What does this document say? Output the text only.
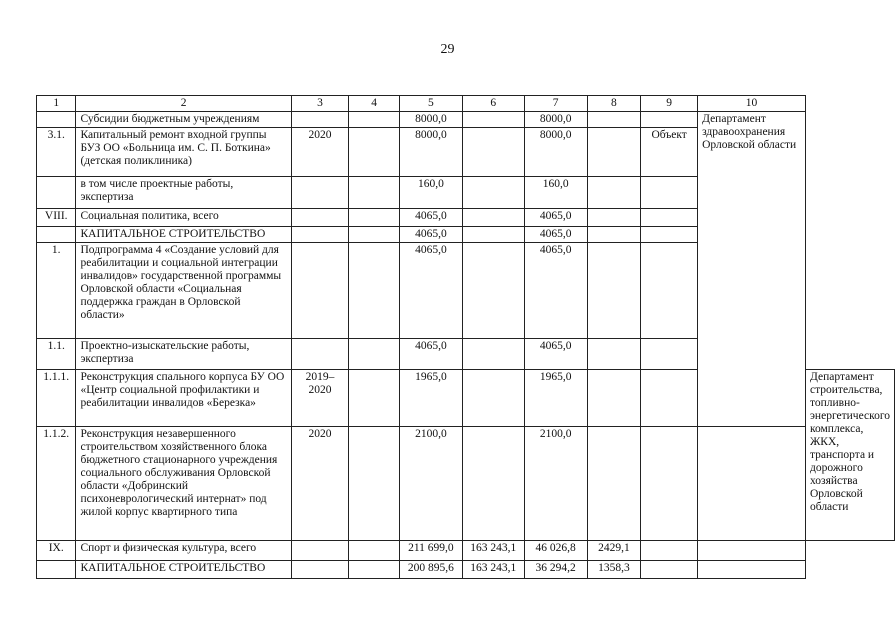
29
1	2	3	4	5	6	7	8	9	10	
	Субсидии бюджетным учреждениям			8000,0		8000,0			Департамент здравоохранения Орловской области	
3.1.	Капитальный ремонт входной группы БУЗ ОО «Больница им. С. П. Боткина» (детская поликлиника)	2020		8000,0		8000,0		Объект		
	в том числе проектные работы, экспертиза			160,0		160,0				
VIII.	Социальная политика, всего			4065,0		4065,0				
	КАПИТАЛЬНОЕ СТРОИТЕЛЬСТВО			4065,0		4065,0				
1.	Подпрограмма 4 «Создание условий для реабилитации и социальной интеграции инвалидов» государственной программы Орловской области «Социальная поддержка граждан в Орловской области»			4065,0		4065,0				
1.1.	Проектно-изыскательские работы, экспертиза			4065,0		4065,0				
1.1.1.	Реконструкция спального корпуса БУ ОО «Центр социальной профилактики и реабилитации инвалидов «Березка»	2019–2020		1965,0		1965,0				Департамент строительства, топливно-энергетического комплекса, ЖКХ, транспорта и дорожного хозяйства Орловской области
1.1.2.	Реконструкция незавершенного строительством хозяйственного блока бюджетного стационарного учреждения социального обслуживания Орловской области «Добринский психоневрологический интернат» под жилой корпус квартирного типа	2020		2100,0		2100,0				
IX.	Спорт и физическая культура, всего			211 699,0	163 243,1	46 026,8	2429,1			
	КАПИТАЛЬНОЕ СТРОИТЕЛЬСТВО			200 895,6	163 243,1	36 294,2	1358,3			
